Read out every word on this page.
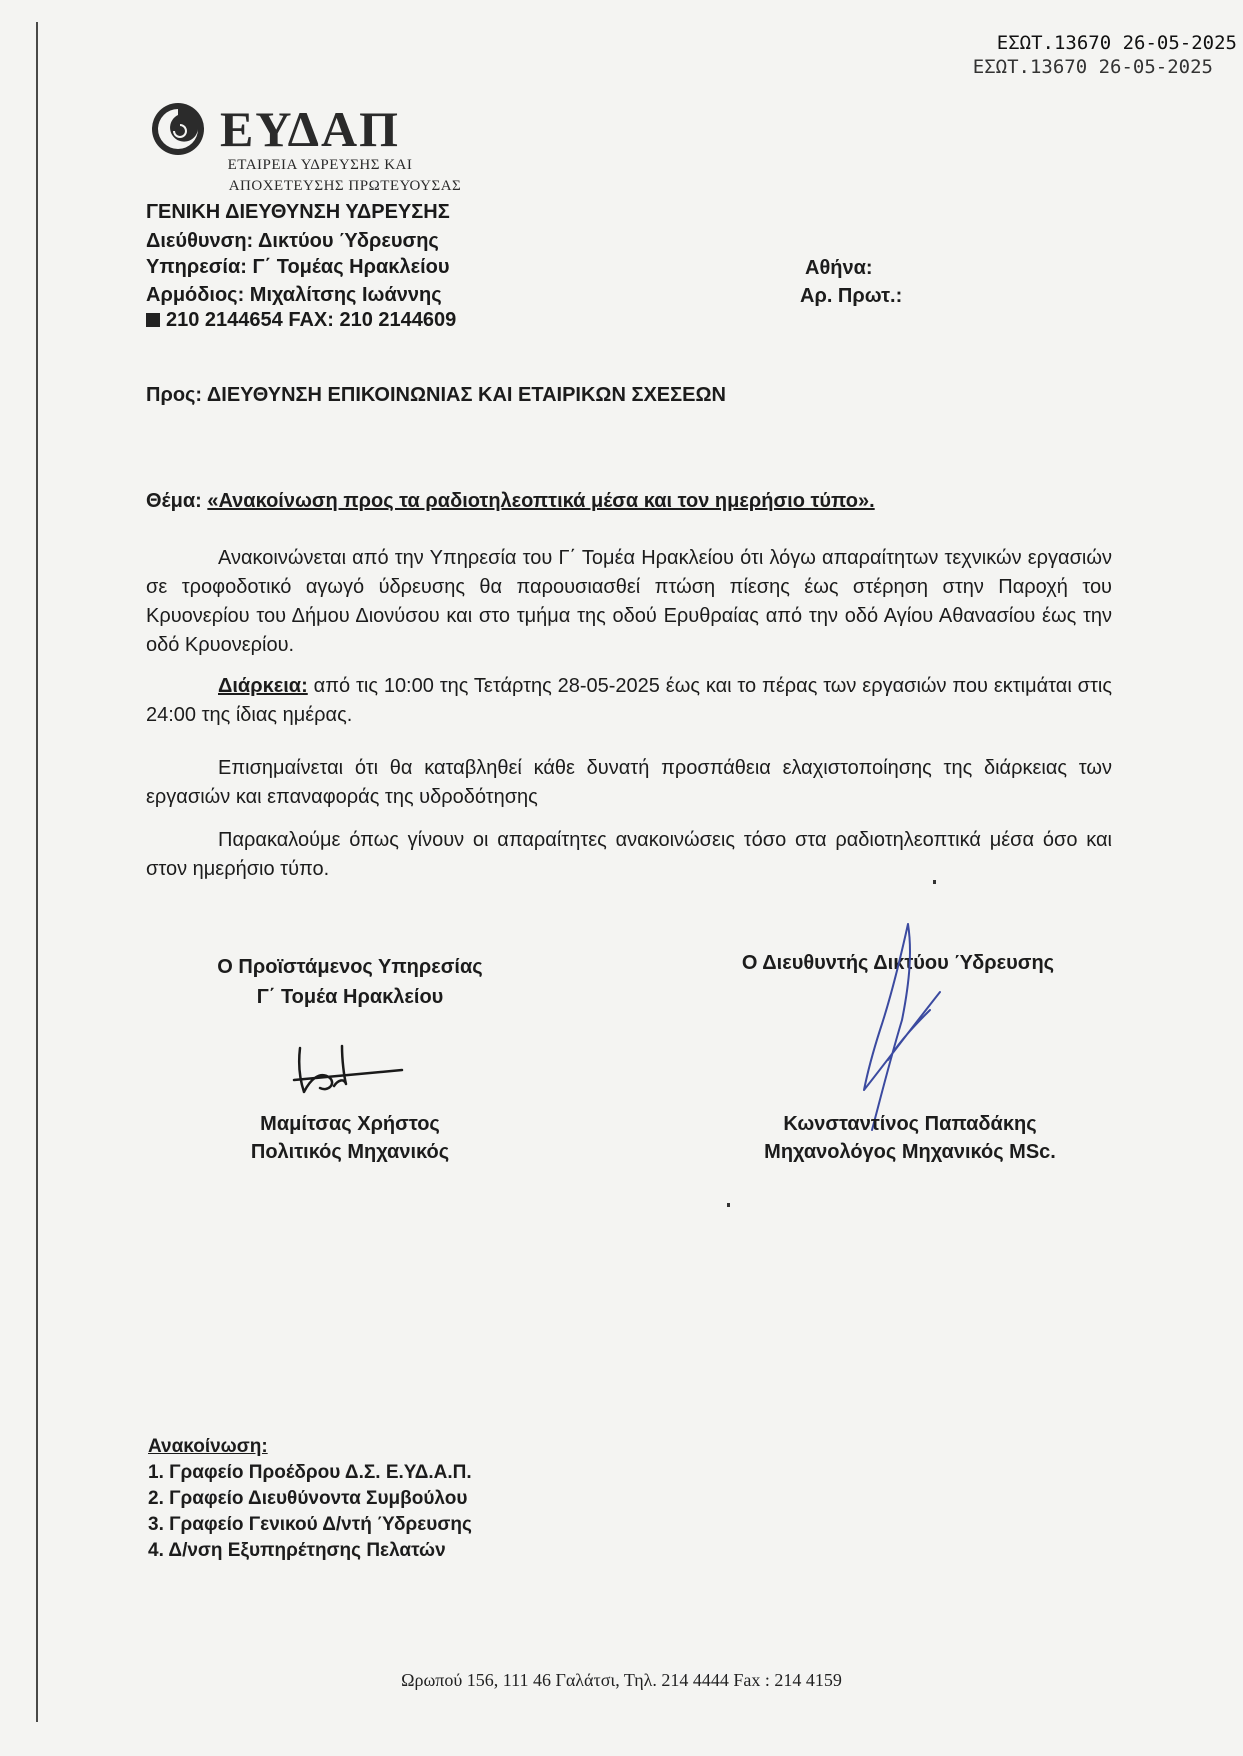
ΕΣΩΤ.13670 26-05-2025
ΕΣΩΤ.13670 26-05-2025
ΕΥΔΑΠ
ΕΤΑΙΡΕΙΑ ΥΔΡΕΥΣΗΣ ΚΑΙ
ΑΠΟΧΕΤΕΥΣΗΣ ΠΡΩΤΕΥΟΥΣΑΣ
ΓΕΝΙΚΗ ΔΙΕΥΘΥΝΣΗ ΥΔΡΕΥΣΗΣ
Διεύθυνση: Δικτύου Ύδρευσης
Υπηρεσία: Γ΄ Τομέας Ηρακλείου
Αρμόδιος: Μιχαλίτσης Ιωάννης
210 2144654 FAX: 210 2144609
Αθήνα:
Αρ. Πρωτ.:
Προς: ΔΙΕΥΘΥΝΣΗ ΕΠΙΚΟΙΝΩΝΙΑΣ ΚΑΙ ΕΤΑΙΡΙΚΩΝ ΣΧΕΣΕΩΝ
Θέμα: «Ανακοίνωση προς τα ραδιοτηλεοπτικά μέσα και τον ημερήσιο τύπο».
Ανακοινώνεται από την Υπηρεσία του Γ΄ Τομέα Ηρακλείου ότι λόγω απαραίτητων τεχνικών εργασιών σε τροφοδοτικό αγωγό ύδρευσης θα παρουσιασθεί πτώση πίεσης έως στέρηση στην Παροχή του Κρυονερίου του Δήμου Διονύσου και στο τμήμα της οδού Ερυθραίας από την οδό Αγίου Αθανασίου έως την οδό Κρυονερίου.
Διάρκεια: από τις 10:00 της Τετάρτης 28-05-2025 έως και το πέρας των εργασιών που εκτιμάται στις 24:00 της ίδιας ημέρας.
Επισημαίνεται ότι θα καταβληθεί κάθε δυνατή προσπάθεια ελαχιστοποίησης της διάρκειας των εργασιών και επαναφοράς της υδροδότησης
Παρακαλούμε όπως γίνουν οι απαραίτητες ανακοινώσεις τόσο στα ραδιοτηλεοπτικά μέσα όσο και στον ημερήσιο τύπο.
Ο Προϊστάμενος Υπηρεσίας
Γ΄ Τομέα Ηρακλείου
Ο Διευθυντής Δικτύου Ύδρευσης
Μαμίτσας Χρήστος
Πολιτικός Μηχανικός
Κωνσταντίνος Παπαδάκης
Μηχανολόγος Μηχανικός MSc.
Ανακοίνωση:
1. Γραφείο Προέδρου Δ.Σ. Ε.ΥΔ.Α.Π.
2. Γραφείο Διευθύνοντα Συμβούλου
3. Γραφείο Γενικού Δ/ντή Ύδρευσης
4. Δ/νση Εξυπηρέτησης Πελατών
Ωρωπού 156, 111 46 Γαλάτσι, Τηλ. 214 4444 Fax : 214 4159
